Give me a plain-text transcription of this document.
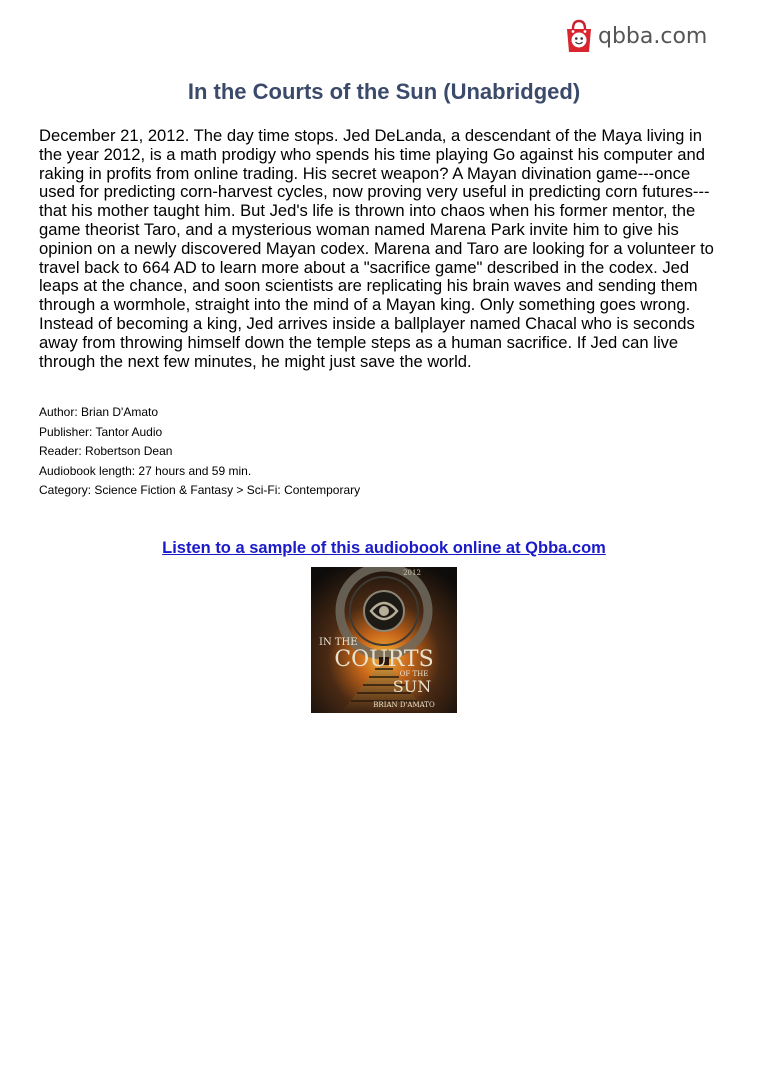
qbba.com
In the Courts of the Sun (Unabridged)
December 21, 2012. The day time stops. Jed DeLanda, a descendant of the Maya living in the year 2012, is a math prodigy who spends his time playing Go against his computer and raking in profits from online trading. His secret weapon? A Mayan divination game---once used for predicting corn-harvest cycles, now proving very useful in predicting corn futures---that his mother taught him. But Jed's life is thrown into chaos when his former mentor, the game theorist Taro, and a mysterious woman named Marena Park invite him to give his opinion on a newly discovered Mayan codex. Marena and Taro are looking for a volunteer to travel back to 664 AD to learn more about a "sacrifice game" described in the codex. Jed leaps at the chance, and soon scientists are replicating his brain waves and sending them through a wormhole, straight into the mind of a Mayan king. Only something goes wrong. Instead of becoming a king, Jed arrives inside a ballplayer named Chacal who is seconds away from throwing himself down the temple steps as a human sacrifice. If Jed can live through the next few minutes, he might just save the world.
Author: Brian D'Amato
Publisher: Tantor Audio
Reader: Robertson Dean
Audiobook length: 27 hours and 59 min.
Category: Science Fiction & Fantasy > Sci-Fi: Contemporary
Listen to a sample of this audiobook online at Qbba.com
IN THE
COURTS
OF THE
SUN
BRIAN D'AMATO
2012
